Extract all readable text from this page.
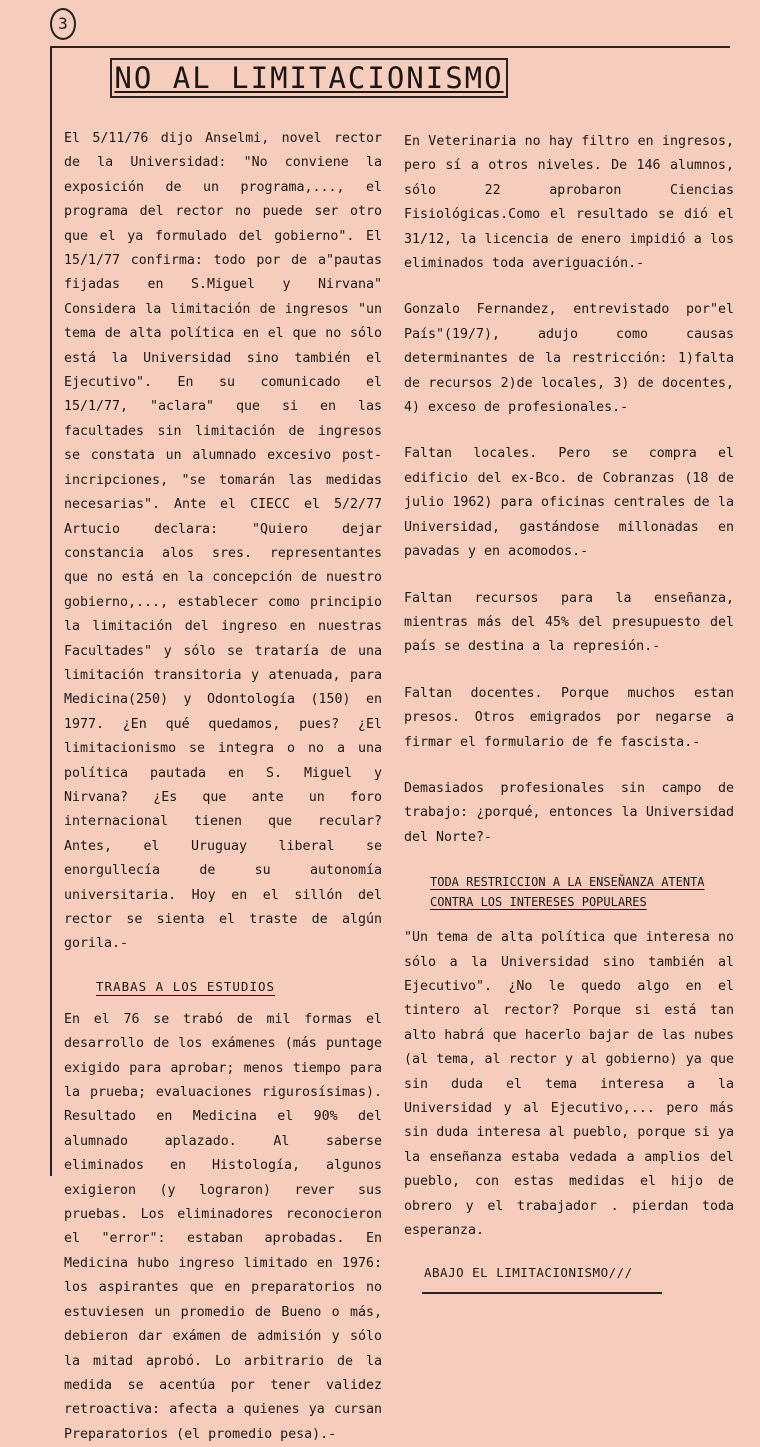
3
NO AL LIMITACIONISMO

El 5/11/76 dijo Anselmi, novel rector de la Universidad: "No conviene la exposición de un programa,..., el programa del rector no puede ser otro que el ya formulado del gobierno". El 15/1/77 confirma: todo por de a"pautas fijadas en S.Miguel y Nirvana" Considera la limitación de ingresos "un tema de alta política en el que no sólo está la Universidad sino también el Ejecutivo". En su comunicado el 15/1/77, "aclara" que si en las facultades sin limitación de ingresos se constata un alumnado excesivo post-incripciones, "se tomarán las medidas necesarias". Ante el CIECC el 5/2/77 Artucio declara: "Quiero dejar constancia alos sres. representantes que no está en la concepción de nuestro gobierno,..., establecer como principio la limitación del ingreso en nuestras Facultades" y sólo se trataría de una limitación transitoria y atenuada, para Medicina(250) y Odontología (150) en 1977. ¿En qué quedamos, pues? ¿El limitacionismo se integra o no a una política pautada en S. Miguel y Nirvana? ¿Es que ante un foro internacional tienen que recular? Antes, el Uruguay liberal se enorgullecía de su autonomía universitaria. Hoy en el sillón del rector se sienta el traste de algún gorila.-

TRABAS A LOS ESTUDIOS

En el 76 se trabó de mil formas el desarrollo de los exámenes (más puntage exigido para aprobar; menos tiempo para la prueba; evaluaciones rigurosísimas). Resultado en Medicina el 90% del alumnado aplazado. Al saberse eliminados en Histología, algunos exigieron (y lograron) rever sus pruebas. Los eliminadores reconocieron el "error": estaban aprobadas. En Medicina hubo ingreso limitado en 1976: los aspirantes que en preparatorios no estuviesen un promedio de Bueno o más, debieron dar exámen de admisión y sólo la mitad aprobó. Lo arbitrario de la medida se acentúa por tener validez retroactiva: afecta a quienes ya cursan Preparatorios (el promedio pesa).-

En Veterinaria no hay filtro en ingresos, pero sí a otros niveles. De 146 alumnos, sólo 22 aprobaron Ciencias Fisiológicas.Como el resultado se dió el 31/12, la licencia de enero impidió a los eliminados toda averiguación.-

Gonzalo Fernandez, entrevistado por"el País"(19/7), adujo como causas determinantes de la restricción: 1)falta de recursos 2)de locales, 3) de docentes, 4) exceso de profesionales.-

Faltan locales. Pero se compra el edificio del ex-Bco. de Cobranzas (18 de julio 1962) para oficinas centrales de la Universidad, gastándose millonadas en pavadas y en acomodos.-

Faltan recursos para la enseñanza, mientras más del 45% del presupuesto del país se destina a la represión.-

Faltan docentes. Porque muchos estan presos. Otros emigrados por negarse a firmar el formulario de fe fascista.-

Demasiados profesionales sin campo de trabajo: ¿porqué, entonces la Universidad del Norte?-

TODA RESTRICCION A LA ENSEÑANZA ATENTA
CONTRA LOS INTERESES POPULARES

"Un tema de alta política que interesa no sólo a la Universidad sino también al Ejecutivo". ¿No le quedo algo en el tintero al rector? Porque si está tan alto habrá que hacerlo bajar de las nubes (al tema, al rector y al gobierno) ya que sin duda el tema interesa a la Universidad y al Ejecutivo,... pero más sin duda interesa al pueblo, porque si ya la enseñanza estaba vedada a amplios del pueblo, con estas medidas el hijo de obrero y el trabajador . pierdan toda esperanza.

ABAJO EL LIMITACIONISMO///
